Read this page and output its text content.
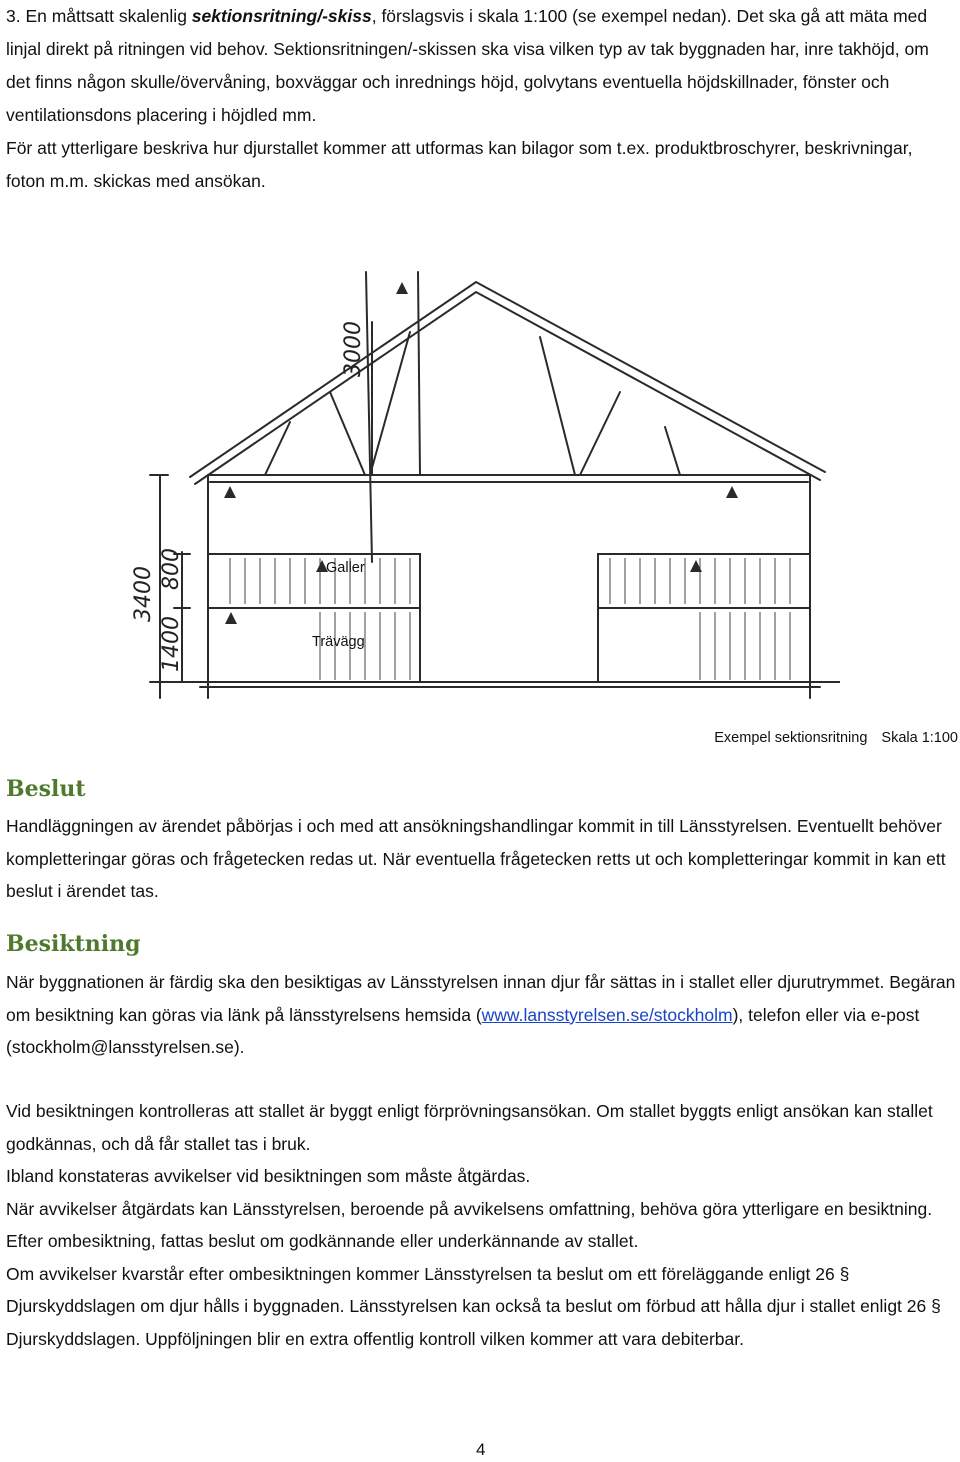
3. En måttsatt skalenlig sektionsritning/-skiss, förslagsvis i skala 1:100 (se exempel nedan). Det ska gå att mäta med linjal direkt på ritningen vid behov. Sektionsritningen/-skissen ska visa vilken typ av tak byggnaden har, inre takhöjd, om det finns någon skulle/övervåning, boxväggar och inrednings höjd, golvytans eventuella höjdskillnader, fönster och ventilationsdons placering i höjdled mm.

För att ytterligare beskriva hur djurstallet kommer att utformas kan bilagor som t.ex. produktbroschyrer, beskrivningar, foton m.m. skickas med ansökan.

3000
3400 800
1400
Galler
Trävägg
Exempel sektionsritning Skala 1:100
Beslut

Handläggningen av ärendet påbörjas i och med att ansökningshandlingar kommit in till Länsstyrelsen. Eventuellt behöver kompletteringar göras och frågetecken redas ut. När eventuella frågetecken retts ut och kompletteringar kommit in kan ett beslut i ärendet tas.

Besiktning

När byggnationen är färdig ska den besiktigas av Länsstyrelsen innan djur får sättas in i stallet eller djurutrymmet. Begäran om besiktning kan göras via länk på länsstyrelsens hemsida (www.lansstyrelsen.se/stockholm), telefon eller via e-post (stockholm@lansstyrelsen.se).

Vid besiktningen kontrolleras att stallet är byggt enligt förprövningsansökan. Om stallet byggts enligt ansökan kan stallet godkännas, och då får stallet tas i bruk.

Ibland konstateras avvikelser vid besiktningen som måste åtgärdas.

När avvikelser åtgärdats kan Länsstyrelsen, beroende på avvikelsens omfattning, behöva göra ytterligare en besiktning.

Efter ombesiktning, fattas beslut om godkännande eller underkännande av stallet.

Om avvikelser kvarstår efter ombesiktningen kommer Länsstyrelsen ta beslut om ett föreläggande enligt 26 § Djurskyddslagen om djur hålls i byggnaden. Länsstyrelsen kan också ta beslut om förbud att hålla djur i stallet enligt 26 § Djurskyddslagen. Uppföljningen blir en extra offentlig kontroll vilken kommer att vara debiterbar.

4
